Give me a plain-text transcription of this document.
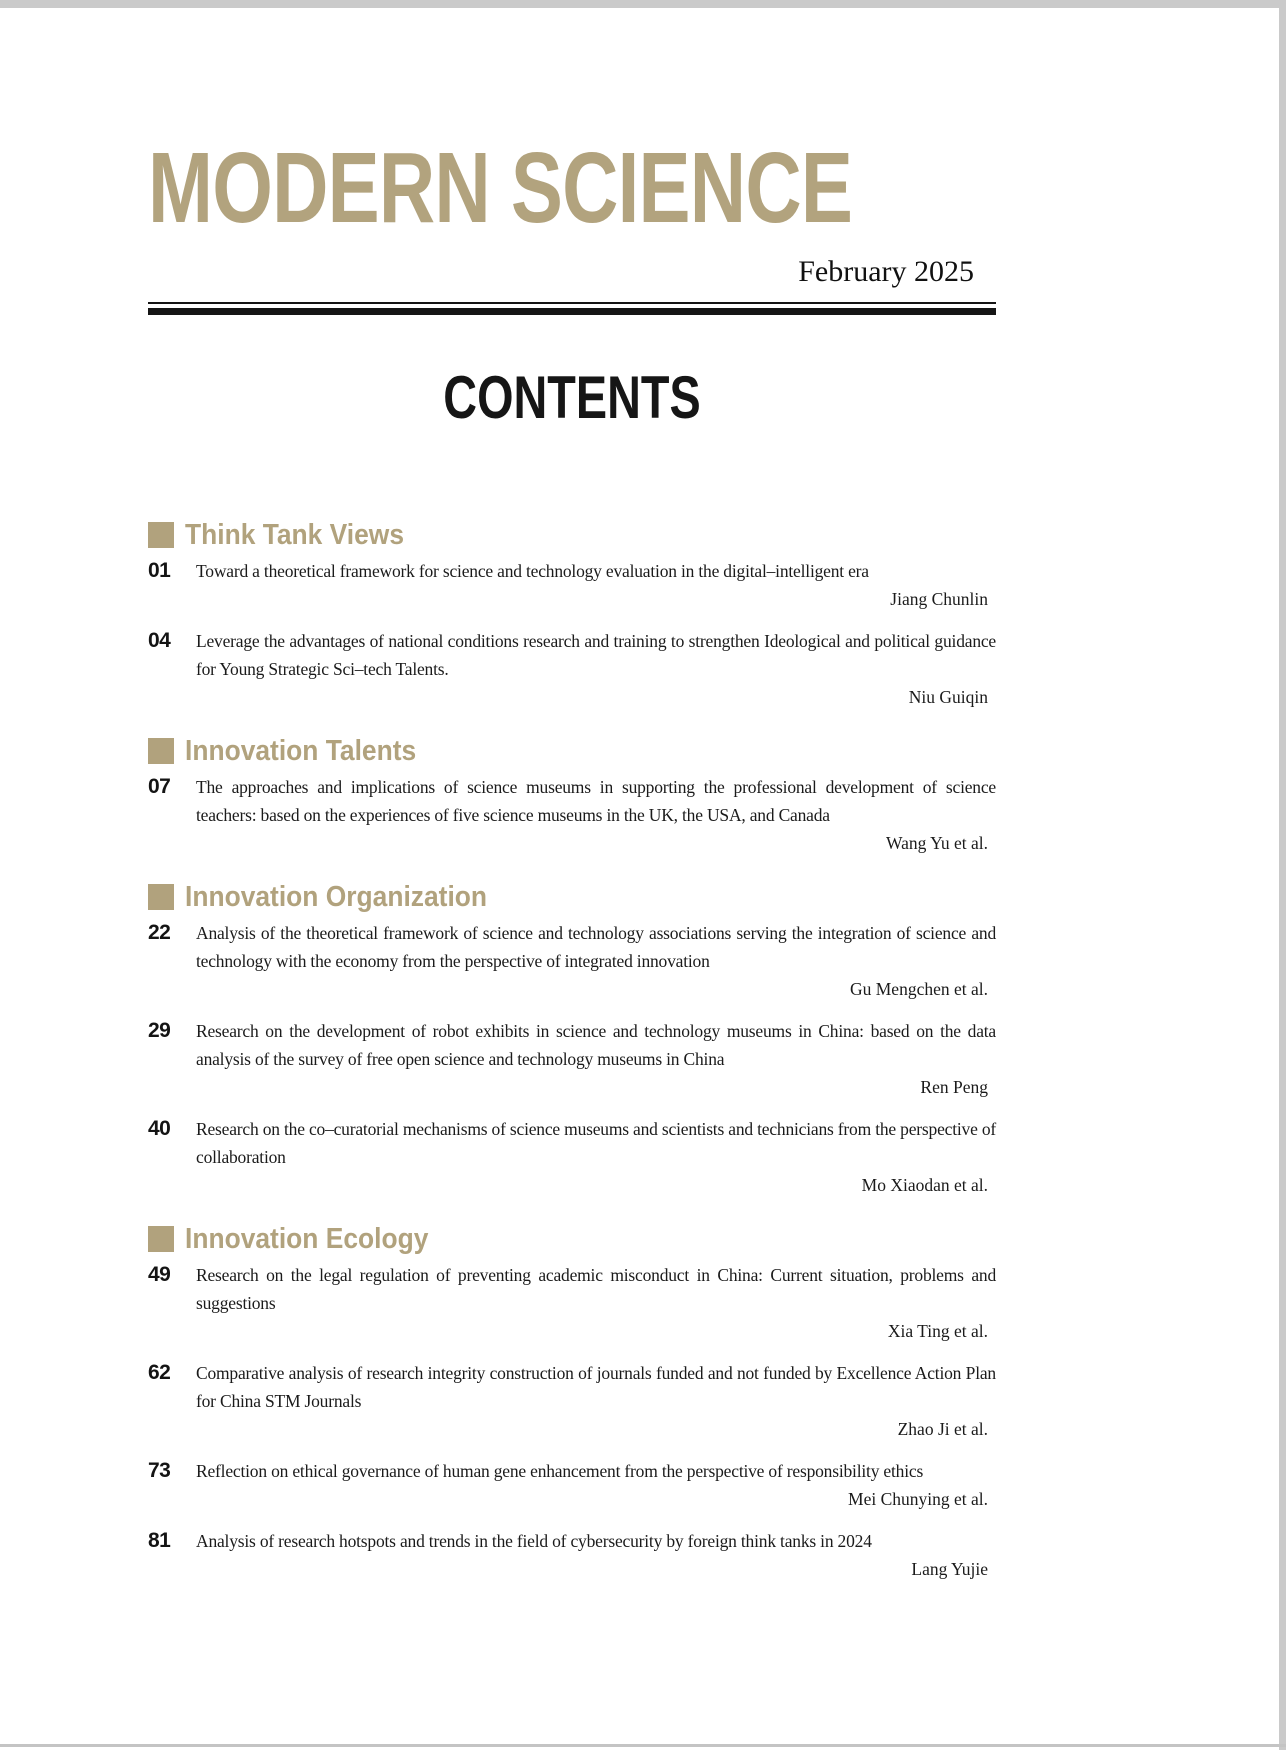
MODERN SCIENCE
February 2025
CONTENTS
Think Tank Views
01	Toward a theoretical framework for science and technology evaluation in the digital–intelligent era
Jiang Chunlin
04	Leverage the advantages of national conditions research and training to strengthen Ideological and political guidance for Young Strategic Sci–tech Talents.
Niu Guiqin
Innovation Talents
07	The approaches and implications of science museums in supporting the professional development of science teachers: based on the experiences of five science museums in the UK, the USA, and Canada
Wang Yu et al.
Innovation Organization
22	Analysis of the theoretical framework of science and technology associations serving the integration of science and technology with the economy from the perspective of integrated innovation
Gu Mengchen et al.
29	Research on the development of robot exhibits in science and technology museums in China: based on the data analysis of the survey of free open science and technology museums in China
Ren Peng
40	Research on the co–curatorial mechanisms of science museums and scientists and technicians from the perspective of collaboration
Mo Xiaodan et al.
Innovation Ecology
49	Research on the legal regulation of preventing academic misconduct in China: Current situation, problems and suggestions
Xia Ting et al.
62	Comparative analysis of research integrity construction of journals funded and not funded by Excellence Action Plan for China STM Journals
Zhao Ji et al.
73	Reflection on ethical governance of human gene enhancement from the perspective of responsibility ethics
Mei Chunying et al.
81	Analysis of research hotspots and trends in the field of cybersecurity by foreign think tanks in 2024
Lang Yujie
